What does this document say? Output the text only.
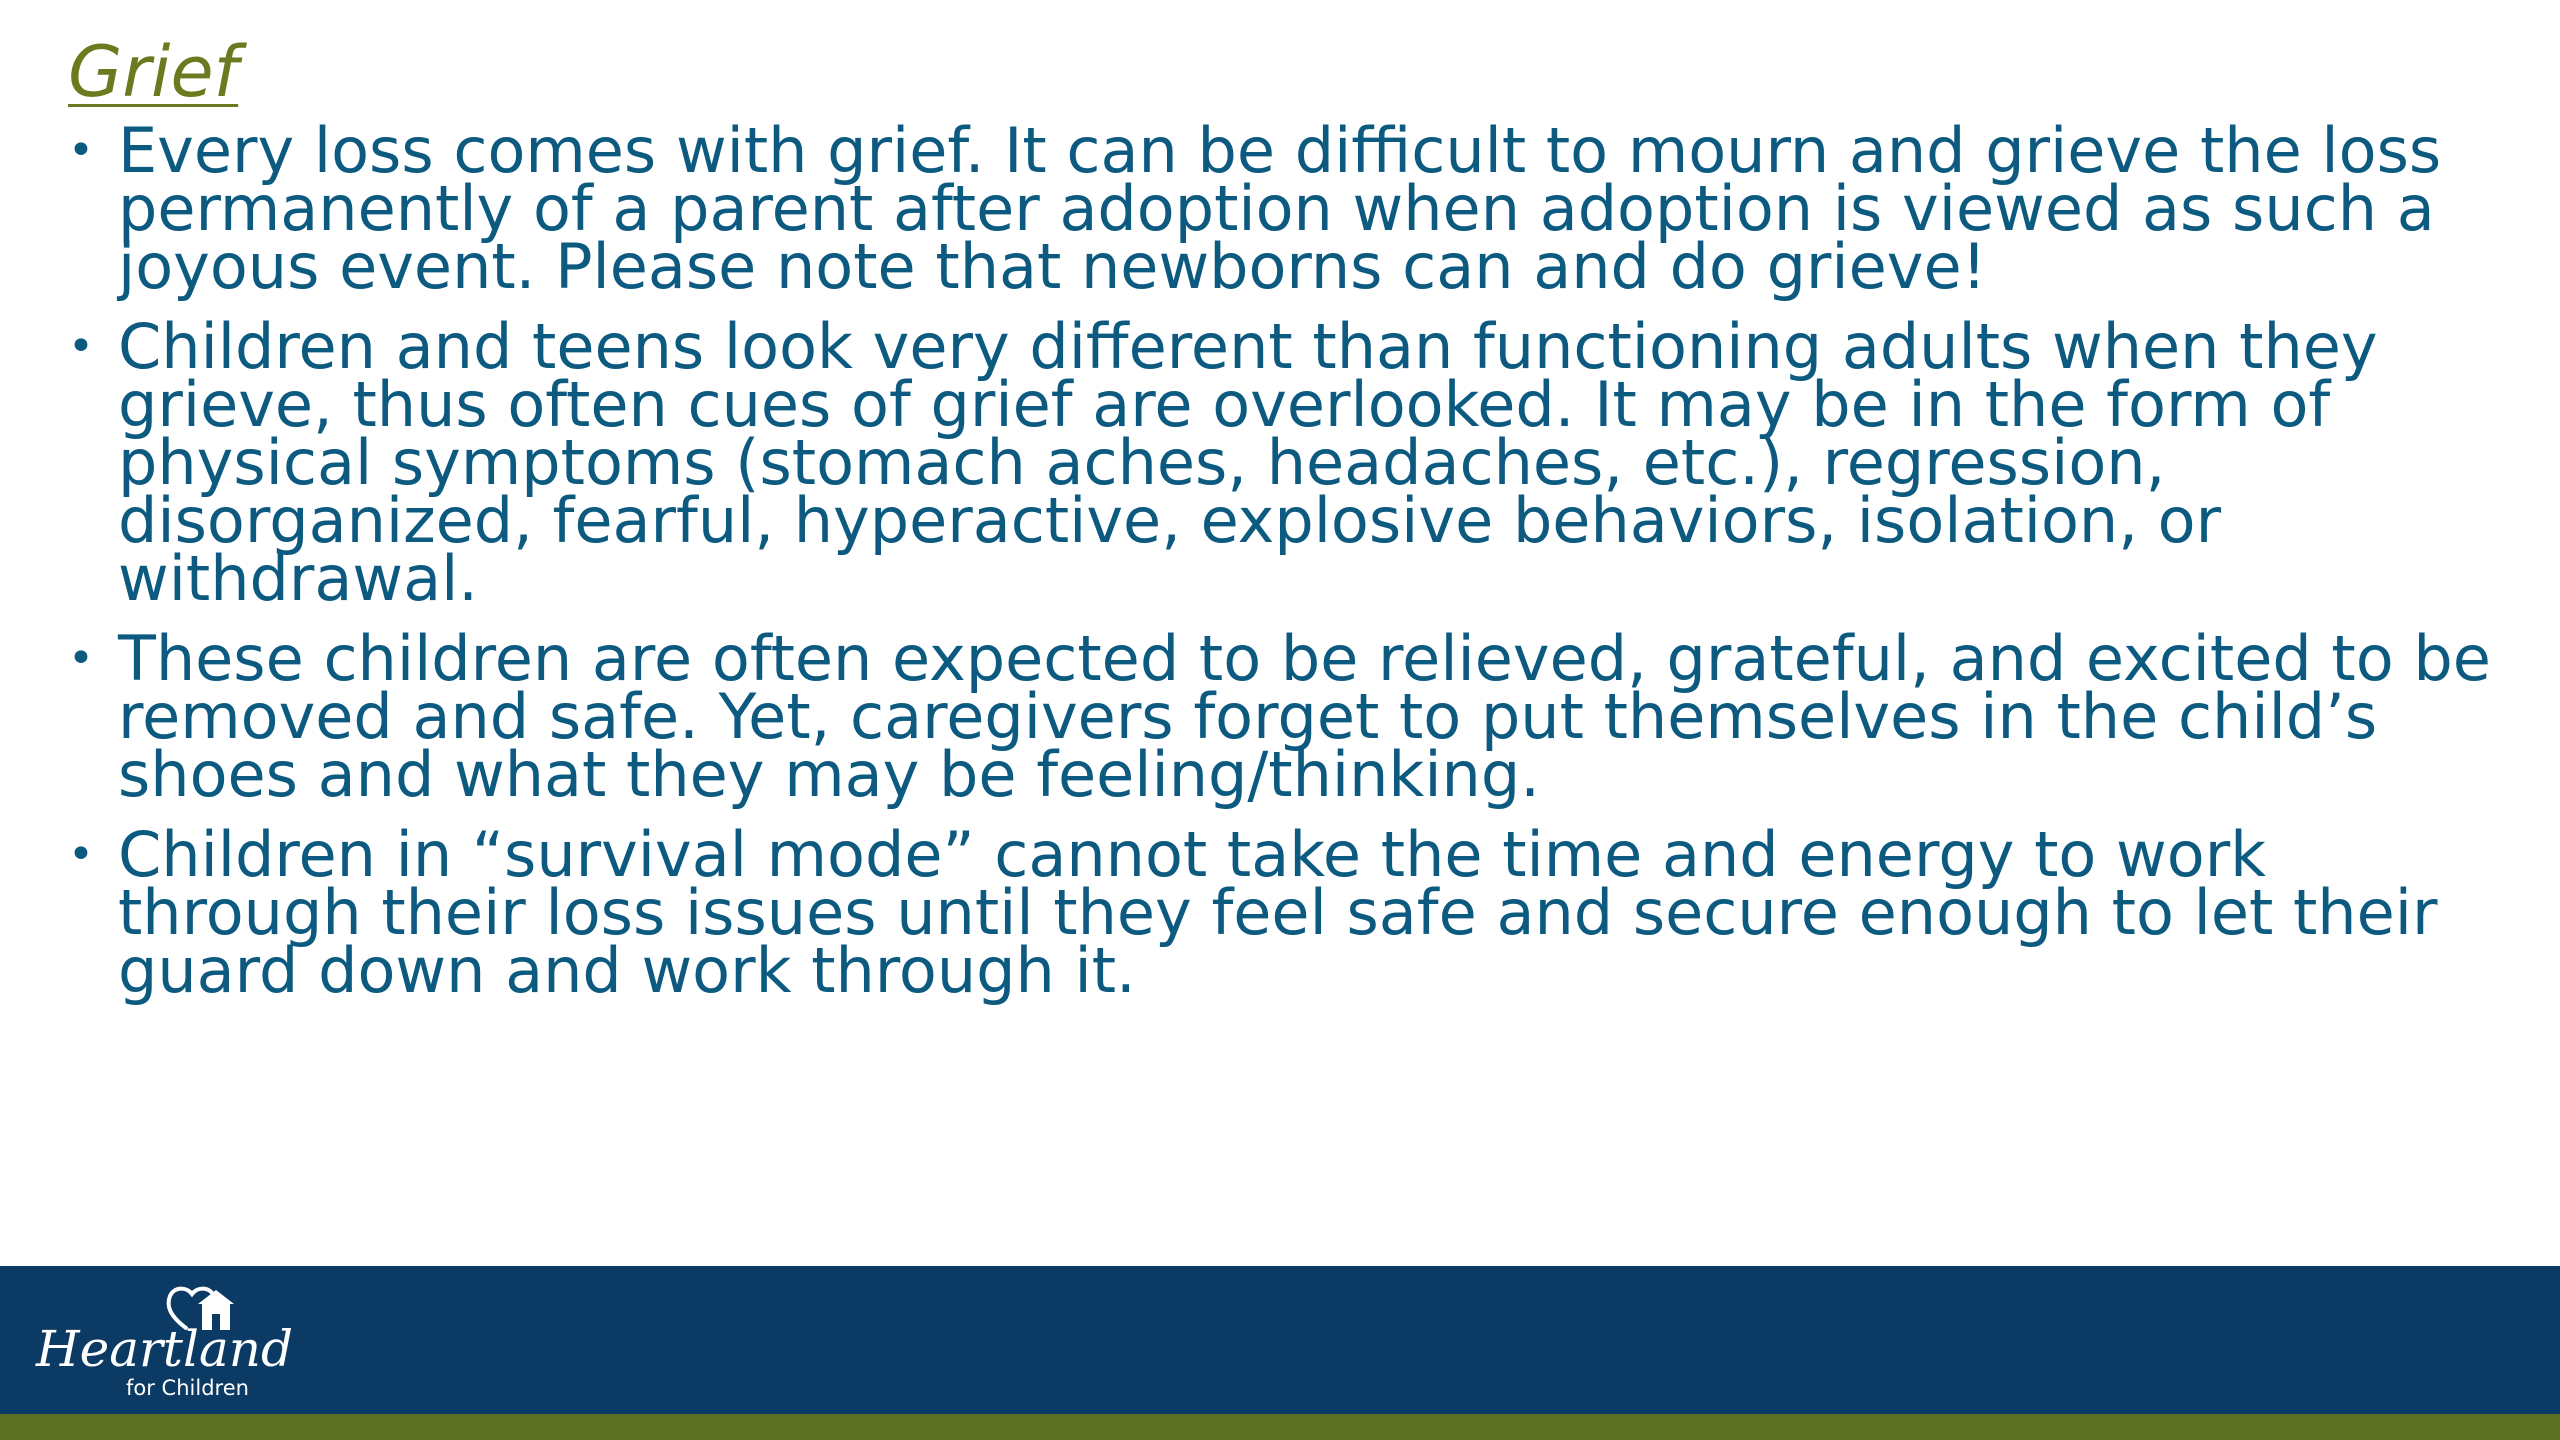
Grief
• Every loss comes with grief. It can be difficult to mourn and grieve the loss permanently of a parent after adoption when adoption is viewed as such a joyous event. Please note that newborns can and do grieve!
• Children and teens look very different than functioning adults when they grieve, thus often cues of grief are overlooked. It may be in the form of physical symptoms (stomach aches, headaches, etc.), regression, disorganized, fearful, hyperactive, explosive behaviors, isolation, or withdrawal.
• These children are often expected to be relieved, grateful, and excited to be removed and safe. Yet, caregivers forget to put themselves in the child’s shoes and what they may be feeling/thinking.
• Children in “survival mode” cannot take the time and energy to work through their loss issues until they feel safe and secure enough to let their guard down and work through it.
Heartland
for Children
